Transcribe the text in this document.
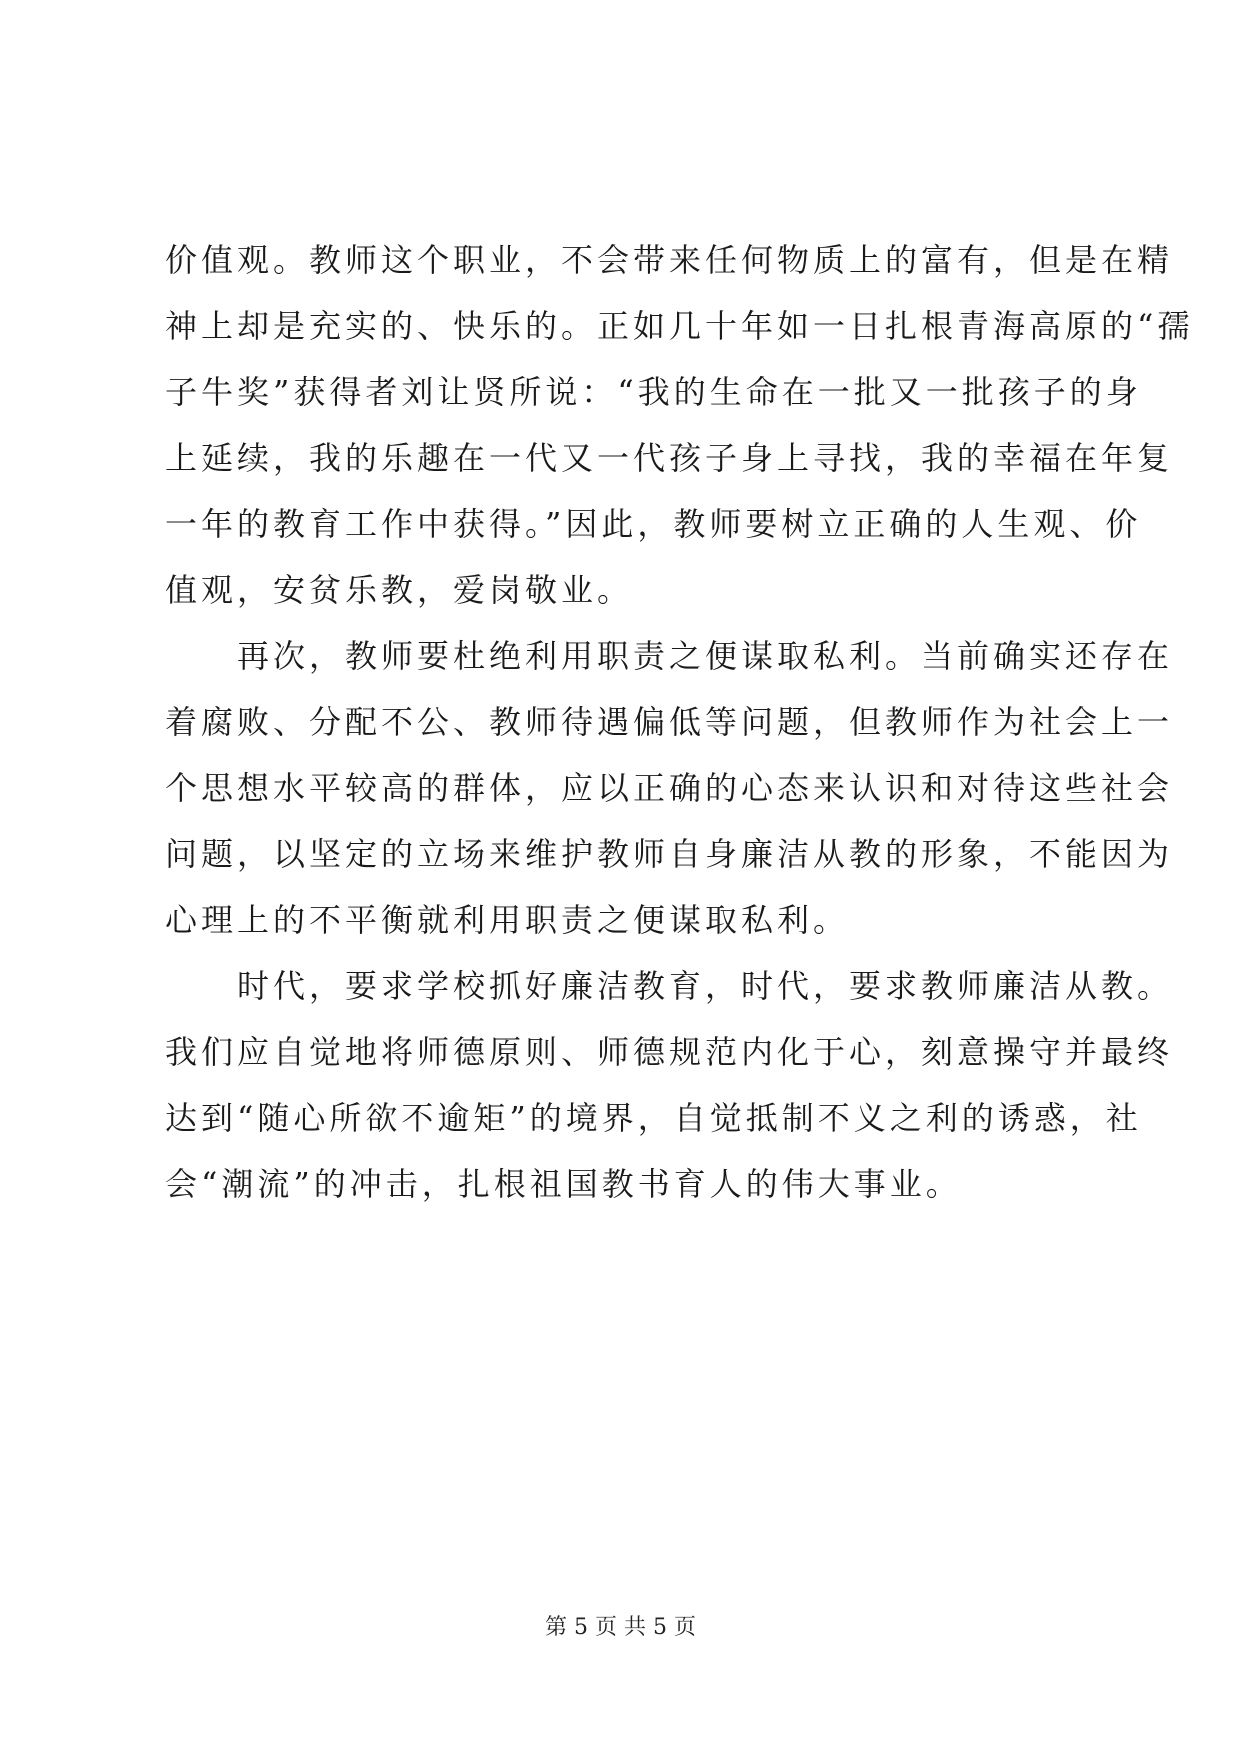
价值观。教师这个职业，不会带来任何物质上的富有，但是在精
神上却是充实的、快乐的。正如几十年如一日扎根青海高原的“孺
子牛奖”获得者刘让贤所说：“我的生命在一批又一批孩子的身
上延续，我的乐趣在一代又一代孩子身上寻找，我的幸福在年复
一年的教育工作中获得。”因此，教师要树立正确的人生观、价
值观，安贫乐教，爱岗敬业。
　　再次，教师要杜绝利用职责之便谋取私利。当前确实还存在
着腐败、分配不公、教师待遇偏低等问题，但教师作为社会上一
个思想水平较高的群体，应以正确的心态来认识和对待这些社会
问题，以坚定的立场来维护教师自身廉洁从教的形象，不能因为
心理上的不平衡就利用职责之便谋取私利。
　　时代，要求学校抓好廉洁教育，时代，要求教师廉洁从教。
我们应自觉地将师德原则、师德规范内化于心，刻意操守并最终
达到“随心所欲不逾矩”的境界，自觉抵制不义之利的诱惑，社
会“潮流”的冲击，扎根祖国教书育人的伟大事业。
第 5 页 共 5 页
